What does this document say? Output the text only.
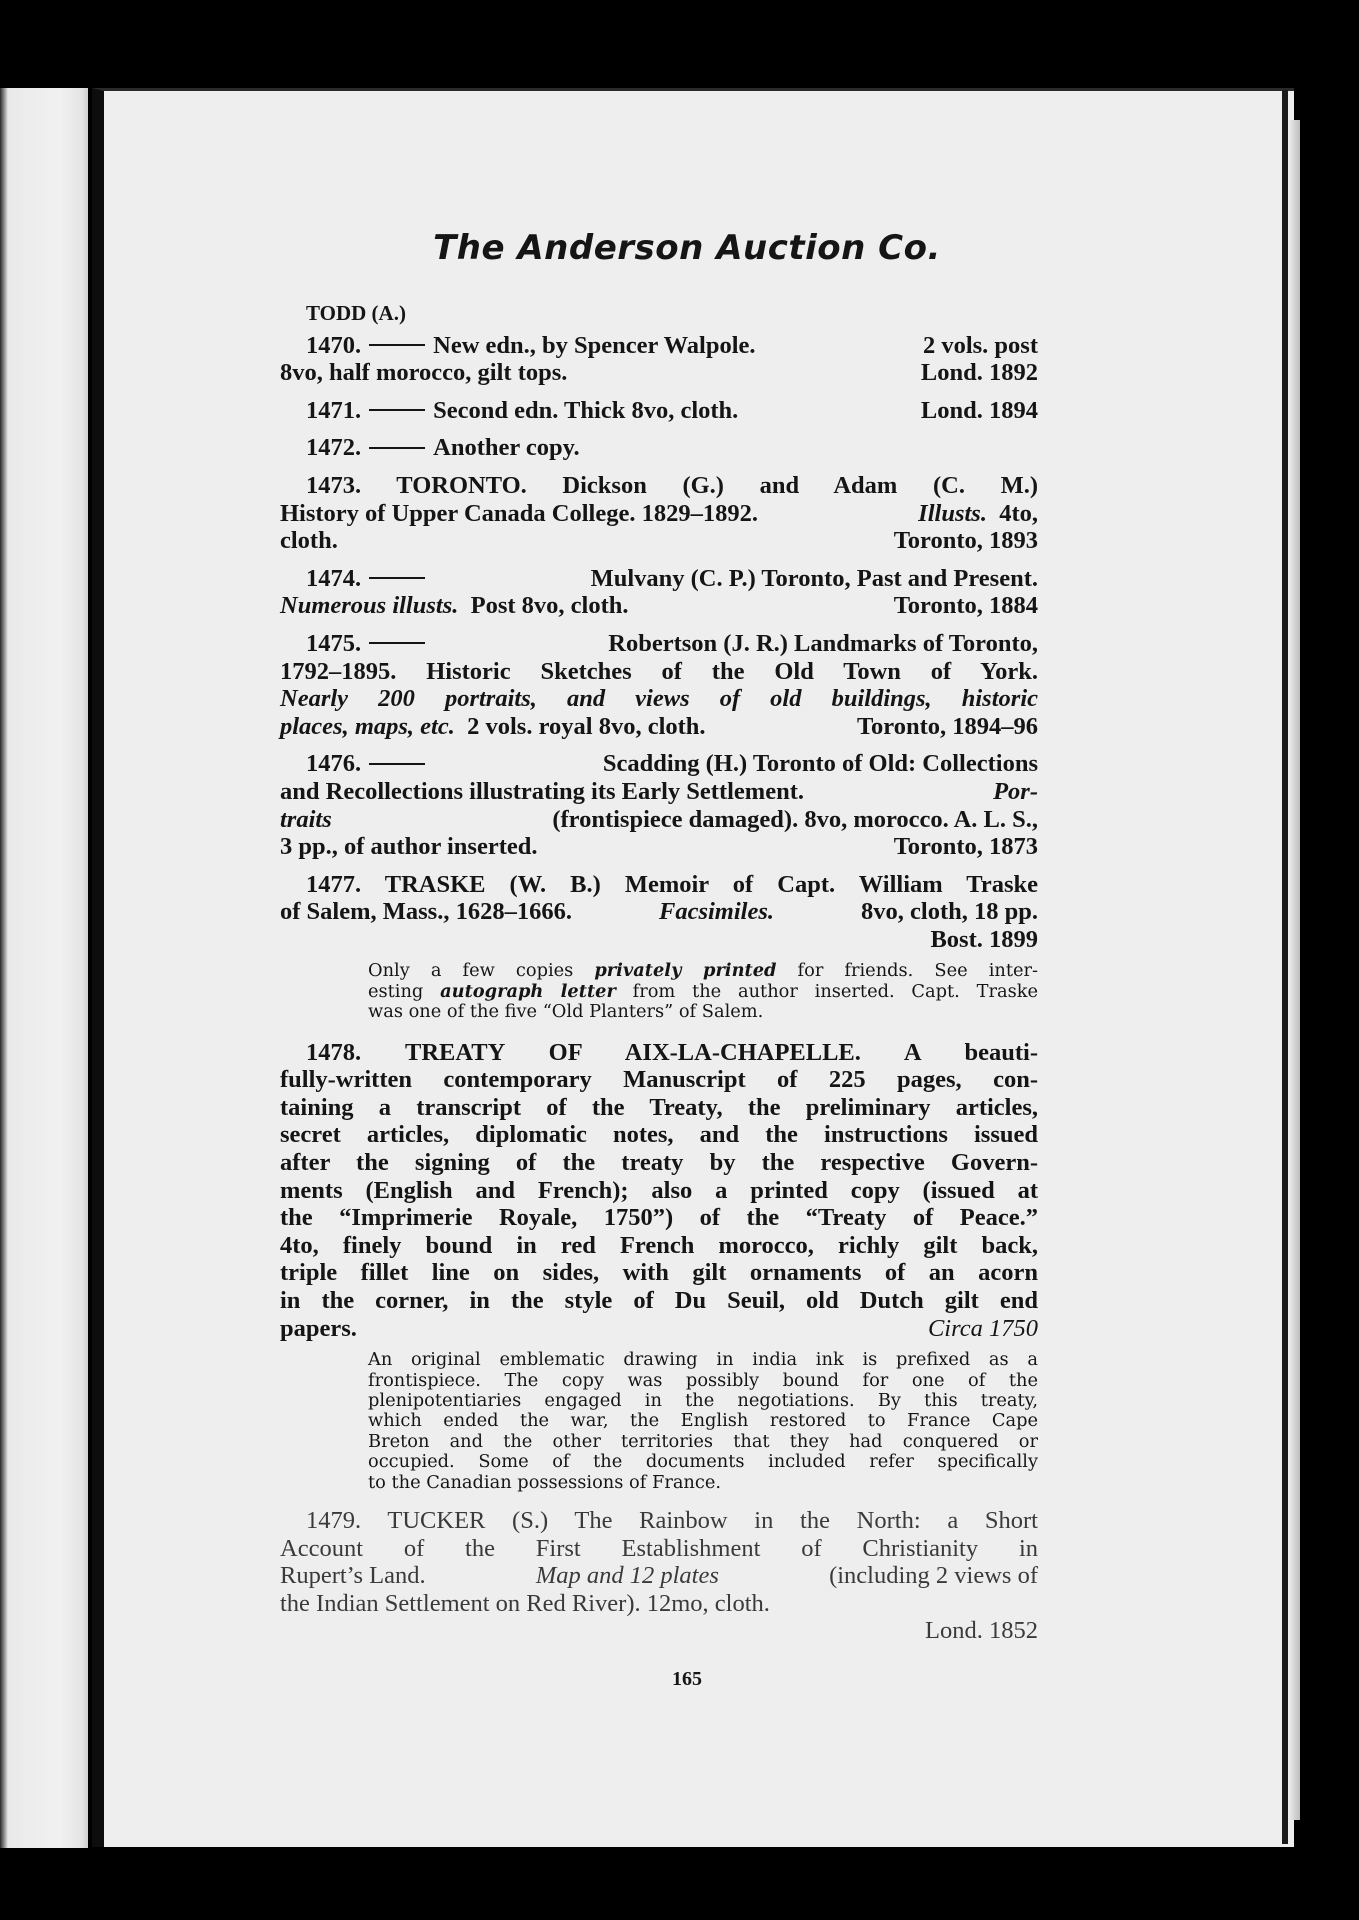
The Anderson Auction Co.
TODD (A.)
1470.	New edn., by Spencer Walpole.	2 vols. post
8vo, half morocco, gilt tops.	Lond. 1892
1471.	Second edn. Thick 8vo, cloth.	Lond. 1894
1472.	Another copy.
1473. TORONTO. Dickson (G.) and Adam (C. M.)
History of Upper Canada College. 1829–1892.	Illusts. 4to,
cloth.	Toronto, 1893
1474.	Mulvany (C. P.) Toronto, Past and Present.
Numerous illusts. Post 8vo, cloth.	Toronto, 1884
1475.	Robertson (J. R.) Landmarks of Toronto,
1792–1895. Historic Sketches of the Old Town of York.
Nearly 200 portraits, and views of old buildings, historic
places, maps, etc. 2 vols. royal 8vo, cloth.	Toronto, 1894–96
1476.	Scadding (H.) Toronto of Old: Collections
and Recollections illustrating its Early Settlement.	Por-
traits	(frontispiece damaged). 8vo, morocco. A. L. S.,
3 pp., of author inserted.	Toronto, 1873
1477. TRASKE (W. B.) Memoir of Capt. William Traske
of Salem, Mass., 1628–1666.	Facsimiles.	8vo, cloth, 18 pp.
Bost. 1899
Only a few copies privately printed for friends. See inter-
esting autograph letter from the author inserted. Capt. Traske
was one of the five “Old Planters” of Salem.
1478. TREATY OF AIX-LA-CHAPELLE. A beauti-
fully-written contemporary Manuscript of 225 pages, con-
taining a transcript of the Treaty, the preliminary articles,
secret articles, diplomatic notes, and the instructions issued
after the signing of the treaty by the respective Govern-
ments (English and French); also a printed copy (issued at
the “Imprimerie Royale, 1750”) of the “Treaty of Peace.”
4to, finely bound in red French morocco, richly gilt back,
triple fillet line on sides, with gilt ornaments of an acorn
in the corner, in the style of Du Seuil, old Dutch gilt end
papers.	Circa 1750
An original emblematic drawing in india ink is prefixed as a
frontispiece. The copy was possibly bound for one of the
plenipotentiaries engaged in the negotiations. By this treaty,
which ended the war, the English restored to France Cape
Breton and the other territories that they had conquered or
occupied. Some of the documents included refer specifically
to the Canadian possessions of France.
1479. TUCKER (S.) The Rainbow in the North: a Short
Account of the First Establishment of Christianity in
Rupert’s Land.	Map and 12 plates	(including 2 views of
the Indian Settlement on Red River). 12mo, cloth.
Lond. 1852
165
